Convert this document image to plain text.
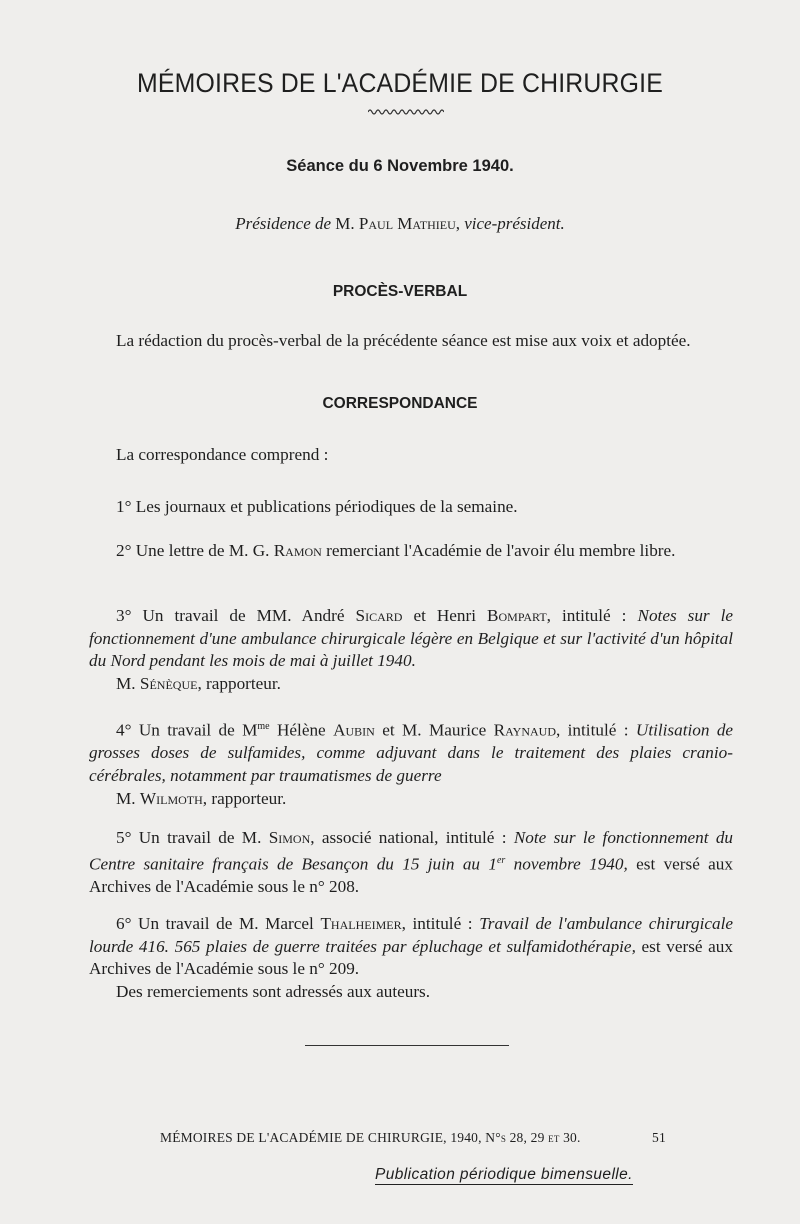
MÉMOIRES DE L'ACADÉMIE DE CHIRURGIE
Séance du 6 Novembre 1940.
Présidence de M. Paul Mathieu, vice-président.
PROCÈS-VERBAL

La rédaction du procès-verbal de la précédente séance est mise aux voix et adoptée.

CORRESPONDANCE

La correspondance comprend :

1° Les journaux et publications périodiques de la semaine.

2° Une lettre de M. G. Ramon remerciant l'Académie de l'avoir élu membre libre.

3° Un travail de MM. André Sicard et Henri Bompart, intitulé : Notes sur le fonctionnement d'une ambulance chirurgicale légère en Belgique et sur l'activité d'un hôpital du Nord pendant les mois de mai à juillet 1940.

M. Sénèque, rapporteur.

4° Un travail de $M^{me}$ Hélène Aubin et M. Maurice Raynaud, intitulé : Utilisation de grosses doses de sulfamides, comme adjuvant dans le traitement des plaies cranio-cérébrales, notamment par traumatismes de guerre

M. Wilmoth, rapporteur.

5° Un travail de M. Simon, associé national, intitulé : Note sur le fonctionnement du Centre sanitaire français de Besançon du 15 juin au 1er novembre 1940, est versé aux Archives de l'Académie sous le n° 208.

6° Un travail de M. Marcel Thalheimer, intitulé : Travail de l'ambulance chirurgicale lourde 416. 565 plaies de guerre traitées par épluchage et sulfamidothérapie, est versé aux Archives de l'Académie sous le n° 209.

Des remerciements sont adressés aux auteurs.

MÉMOIRES DE L'ACADÉMIE DE CHIRURGIE, 1940, N°s 28, 29 et 30.	51
Publication périodique bimensuelle.
